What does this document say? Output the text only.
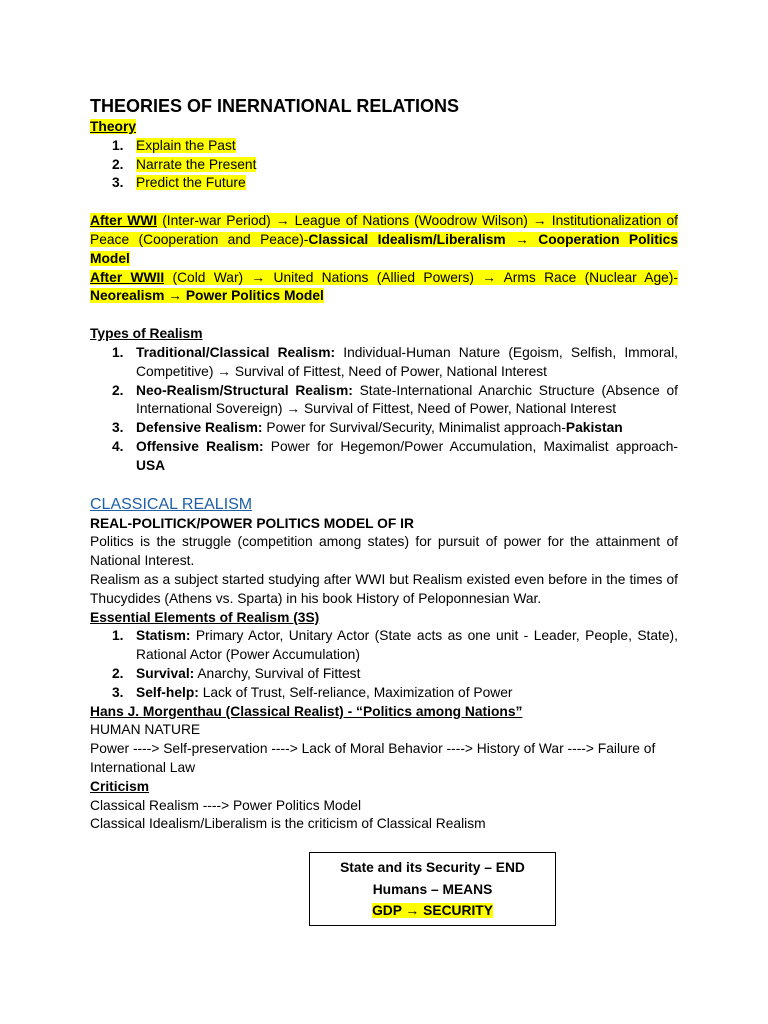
THEORIES OF INERNATIONAL RELATIONS

Theory

1. Explain the Past
2. Narrate the Present
3. Predict the Future

After WWI (Inter-war Period) → League of Nations (Woodrow Wilson) → Institutionalization of Peace (Cooperation and Peace)-Classical Idealism/Liberalism → Cooperation Politics Model

After WWII (Cold War) → United Nations (Allied Powers) → Arms Race (Nuclear Age)-Neorealism → Power Politics Model

Types of Realism

1. Traditional/Classical Realism: Individual-Human Nature (Egoism, Selfish, Immoral, Competitive) → Survival of Fittest, Need of Power, National Interest
2. Neo-Realism/Structural Realism: State-International Anarchic Structure (Absence of International Sovereign) → Survival of Fittest, Need of Power, National Interest
3. Defensive Realism: Power for Survival/Security, Minimalist approach-Pakistan
4. Offensive Realism: Power for Hegemon/Power Accumulation, Maximalist approach-USA

CLASSICAL REALISM

REAL-POLITICK/POWER POLITICS MODEL OF IR

Politics is the struggle (competition among states) for pursuit of power for the attainment of National Interest.

Realism as a subject started studying after WWI but Realism existed even before in the times of Thucydides (Athens vs. Sparta) in his book History of Peloponnesian War.

Essential Elements of Realism (3S)

1. Statism: Primary Actor, Unitary Actor (State acts as one unit - Leader, People, State), Rational Actor (Power Accumulation)
2. Survival: Anarchy, Survival of Fittest
3. Self-help: Lack of Trust, Self-reliance, Maximization of Power

Hans J. Morgenthau (Classical Realist) - “Politics among Nations”

HUMAN NATURE

Power ----> Self-preservation ----> Lack of Moral Behavior ----> History of War ----> Failure of International Law

Criticism

Classical Realism ----> Power Politics Model

Classical Idealism/Liberalism is the criticism of Classical Realism

State and its Security – END
Humans – MEANS
GDP → SECURITY
